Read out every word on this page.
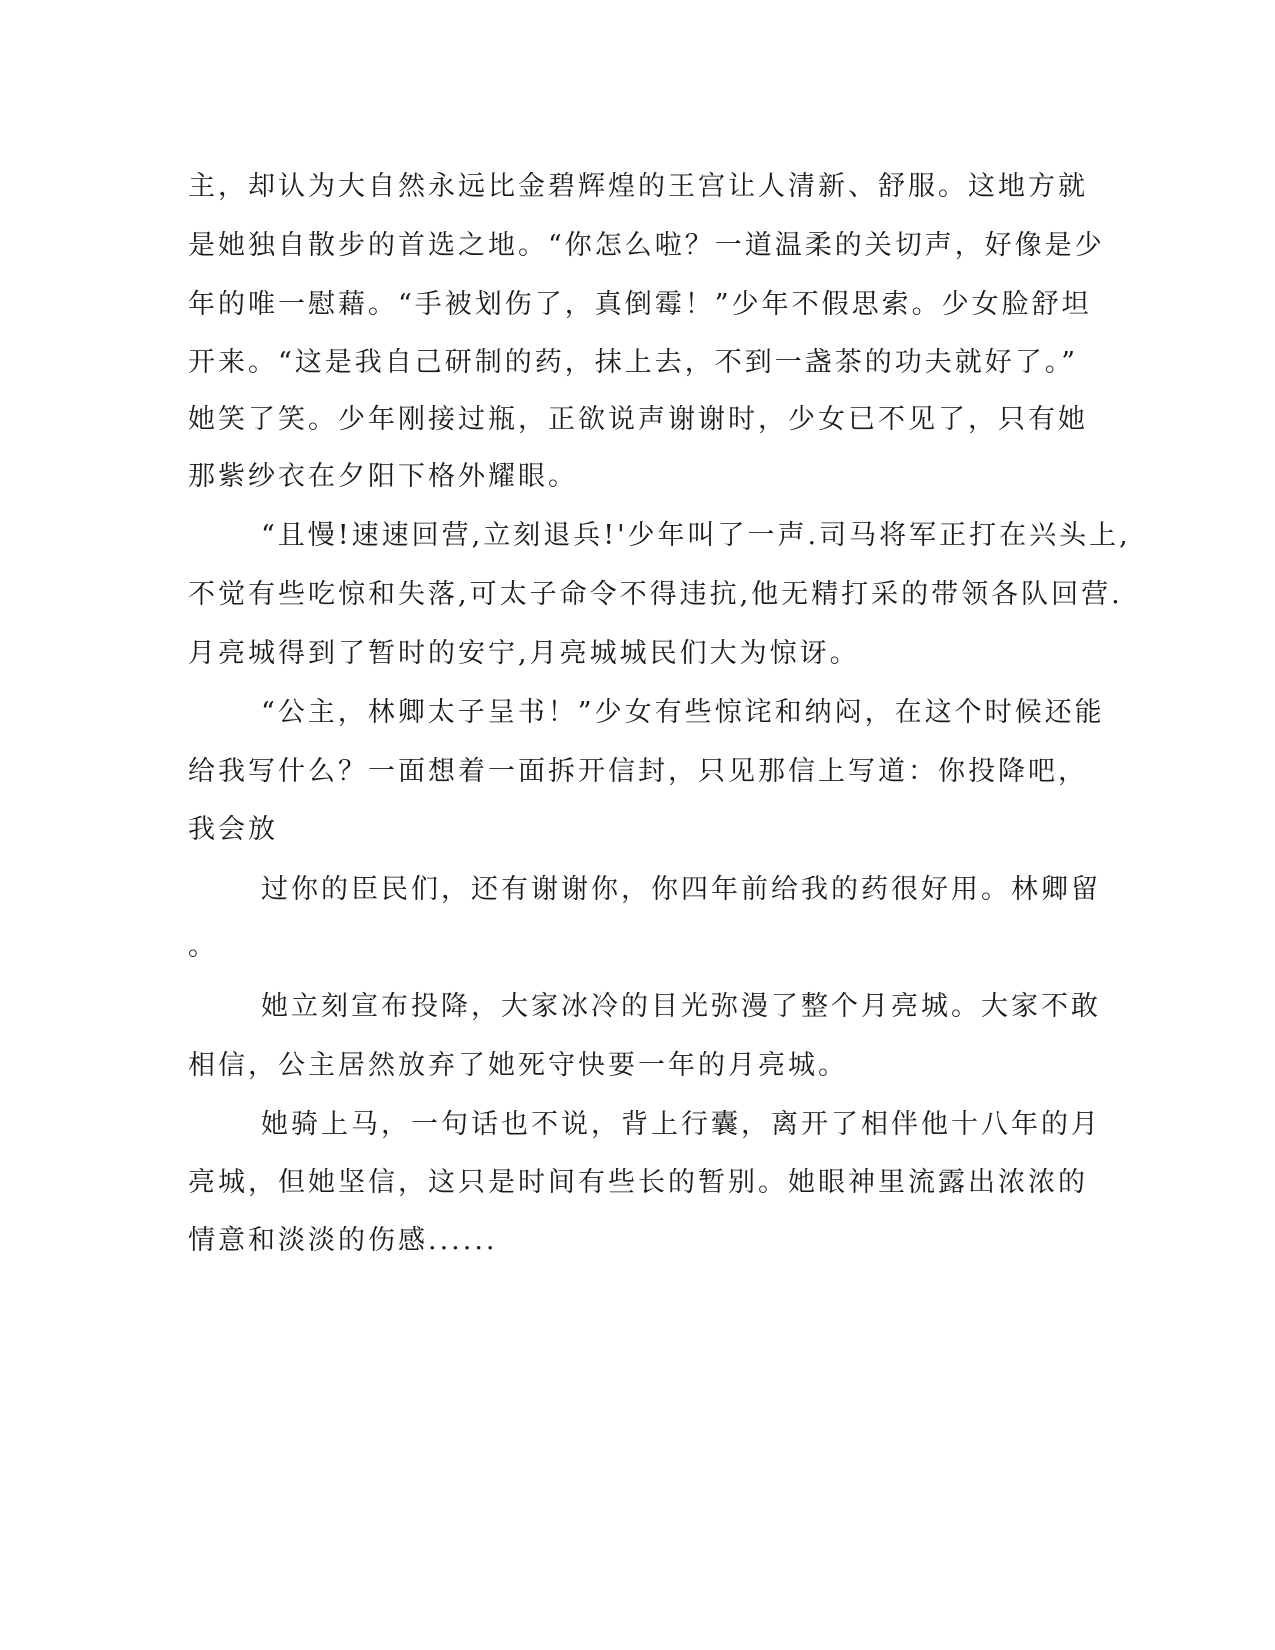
主，却认为大自然永远比金碧辉煌的王宫让人清新、舒服。这地方就
是她独自散步的首选之地。“你怎么啦？一道温柔的关切声，好像是少
年的唯一慰藉。“手被划伤了，真倒霉！”少年不假思索。少女脸舒坦
开来。“这是我自己研制的药，抹上去，不到一盏茶的功夫就好了。”
她笑了笑。少年刚接过瓶，正欲说声谢谢时，少女已不见了，只有她
那紫纱衣在夕阳下格外耀眼。
“且慢!速速回营,立刻退兵!'少年叫了一声.司马将军正打在兴头上,
不觉有些吃惊和失落,可太子命令不得违抗,他无精打采的带领各队回营.
月亮城得到了暂时的安宁,月亮城城民们大为惊讶。
“公主，林卿太子呈书！”少女有些惊诧和纳闷，在这个时候还能
给我写什么？一面想着一面拆开信封，只见那信上写道：你投降吧，
我会放
过你的臣民们，还有谢谢你，你四年前给我的药很好用。林卿留
。
她立刻宣布投降，大家冰冷的目光弥漫了整个月亮城。大家不敢
相信，公主居然放弃了她死守快要一年的月亮城。
她骑上马，一句话也不说，背上行囊，离开了相伴他十八年的月
亮城，但她坚信，这只是时间有些长的暂别。她眼神里流露出浓浓的
情意和淡淡的伤感......
